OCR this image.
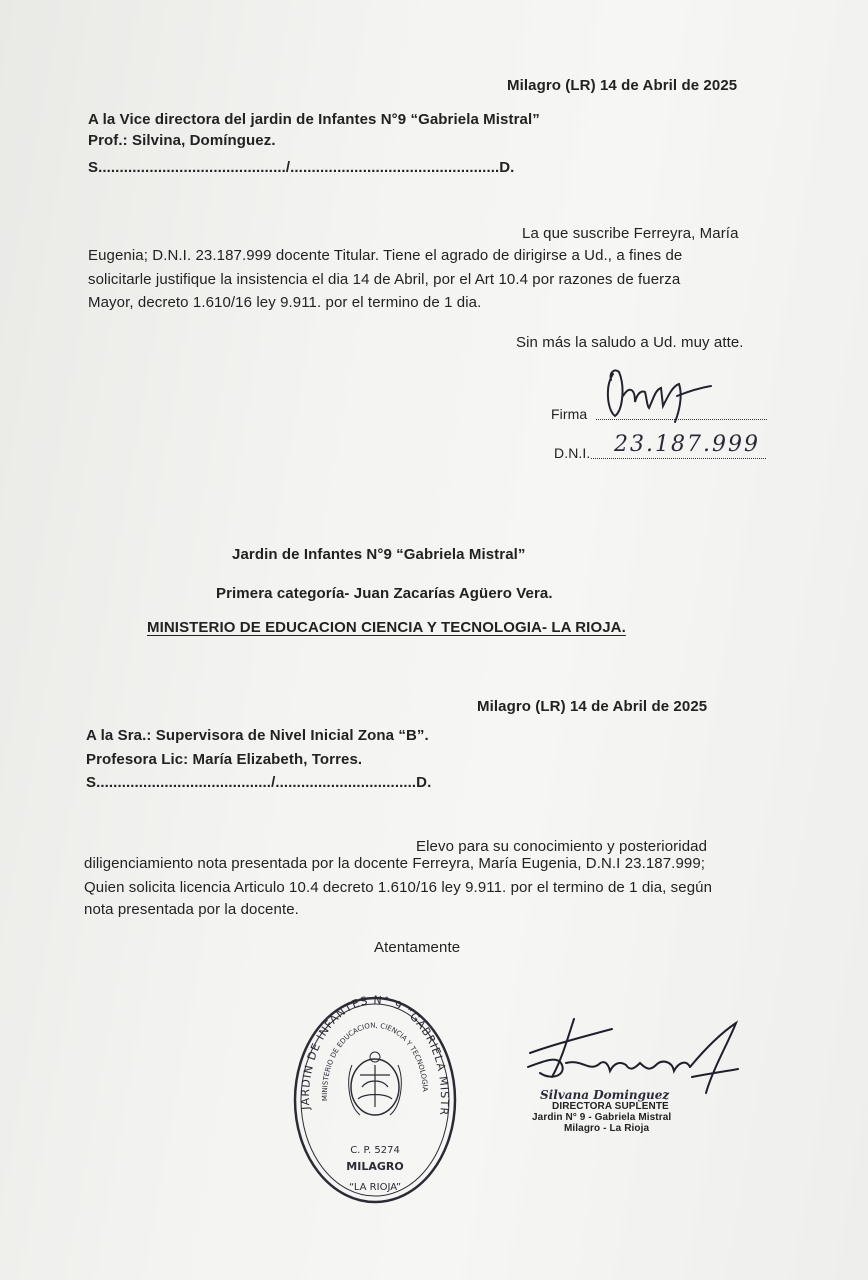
Milagro (LR) 14 de Abril de 2025
A la Vice directora del jardin de Infantes N°9 “Gabriela Mistral”
Prof.: Silvina, Domínguez.
S............................................/.................................................D.
La que suscribe Ferreyra, María
Eugenia; D.N.I. 23.187.999 docente Titular. Tiene el agrado de dirigirse a Ud., a fines de
solicitarle justifique la insistencia el dia 14 de Abril, por el Art 10.4 por razones de fuerza
Mayor, decreto 1.610/16 ley 9.911. por el termino de 1 dia.
Sin más la saludo a Ud. muy atte.
Firma
D.N.I. 23.187.999
Jardin de Infantes N°9 “Gabriela Mistral”
Primera categoría- Juan Zacarías Agüero Vera.
MINISTERIO DE EDUCACION CIENCIA Y TECNOLOGIA- LA RIOJA.
Milagro (LR) 14 de Abril de 2025
A la Sra.: Supervisora de Nivel Inicial Zona “B”.
Profesora Lic: María Elizabeth, Torres.
S........................................./.................................D.
Elevo para su conocimiento y posterioridad
diligenciamiento nota presentada por la docente Ferreyra, María Eugenia, D.N.I 23.187.999;
Quien solicita licencia Articulo 10.4 decreto 1.610/16 ley 9.911. por el termino de 1 dia, según
nota presentada por la docente.
Atentamente
JARDIN DE INFANTES N° 9 “GABRIELA MISTRAL”
MINISTERIO DE EDUCACION, CIENCIA Y TECNOLOGIA
C. P. 5274
MILAGRO
“LA RIOJA”
Silvana Dominguez
DIRECTORA SUPLENTE
Jardin N° 9 - Gabriela Mistral
Milagro - La Rioja
